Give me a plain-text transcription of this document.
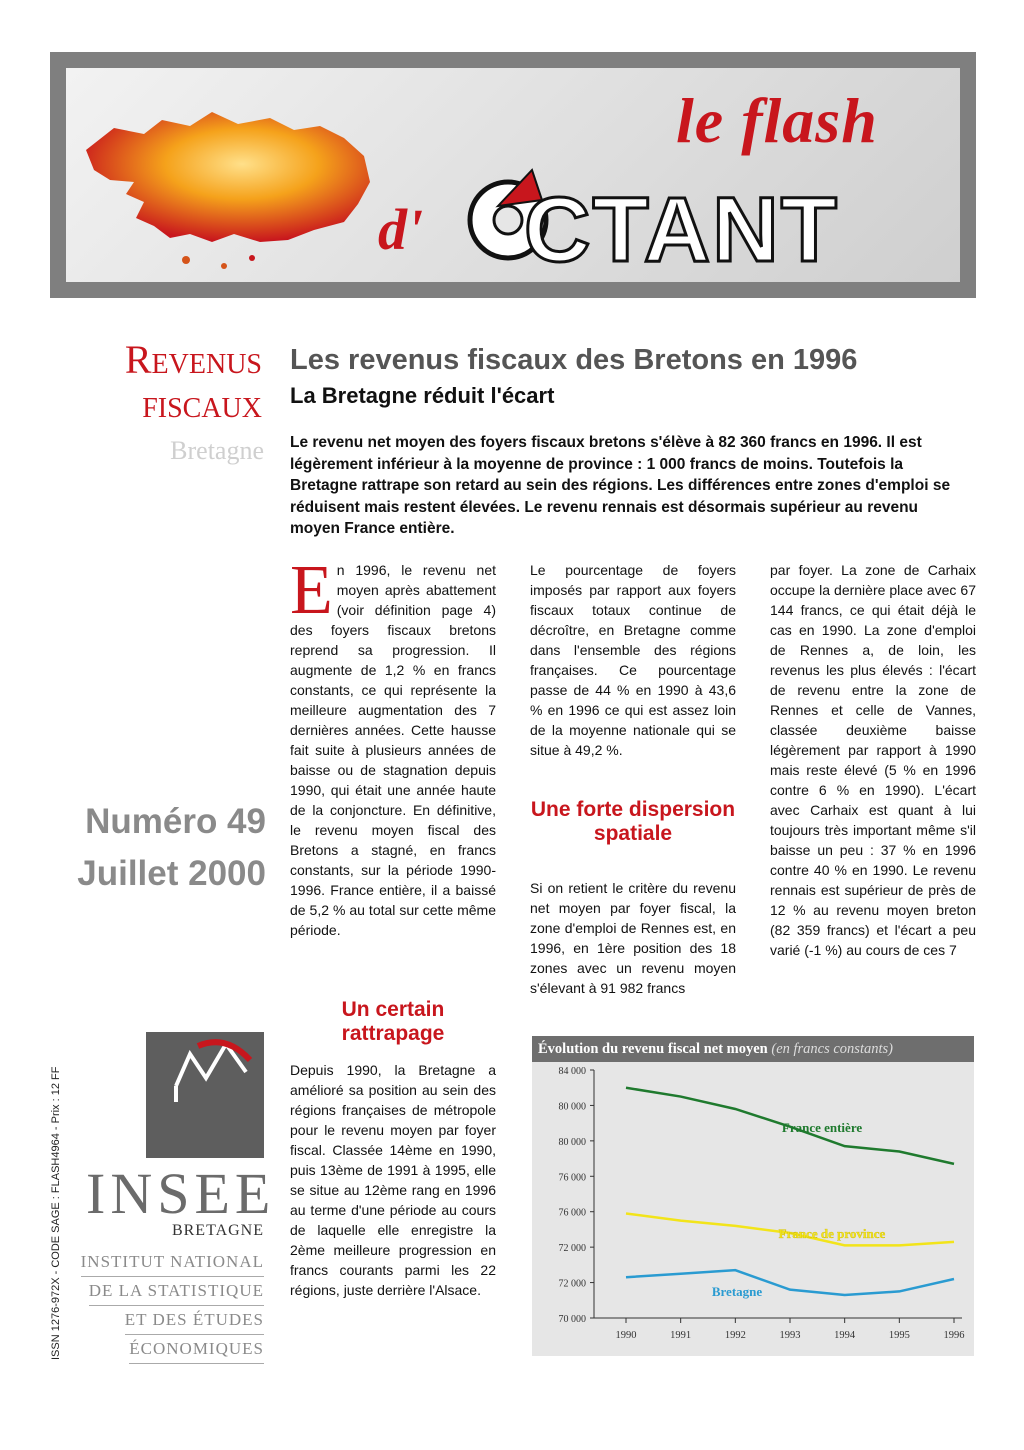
le flash
d' CTANT
Revenus
fiscaux
Bretagne
Numéro 49
Juillet 2000
ISSN 1276-972X - CODE SAGE : FLASH4964 - Prix : 12 FF INSEE
BRETAGNE
INSTITUT NATIONAL
DE LA STATISTIQUE
ET DES ÉTUDES
ÉCONOMIQUES
Les revenus fiscaux des Bretons en 1996
La Bretagne réduit l'écart
Le revenu net moyen des foyers fiscaux bretons s'élève à 82 360 francs en 1996. Il est légèrement inférieur à la moyenne de province : 1 000 francs de moins. Toutefois la Bretagne rattrape son retard au sein des régions. Les différences entre zones d'emploi se réduisent mais restent élevées. Le revenu rennais est désormais supérieur au revenu moyen France entière.
En 1996, le revenu net moyen après abattement (voir définition page 4) des foyers fiscaux bretons reprend sa progression. Il augmente de 1,2 % en francs constants, ce qui représente la meilleure augmentation des 7 dernières années. Cette hausse fait suite à plusieurs années de baisse ou de stagnation depuis 1990, qui était une année haute de la conjoncture. En définitive, le revenu moyen fiscal des Bretons a stagné, en francs constants, sur la période 1990-1996. France entière, il a baissé de 5,2 % au total sur cette même période.
Un certain rattrapage
Depuis 1990, la Bretagne a amélioré sa position au sein des régions françaises de métropole pour le revenu moyen par foyer fiscal. Classée 14ème en 1990, puis 13ème de 1991 à 1995, elle se situe au 12ème rang en 1996 au terme d'une période au cours de laquelle elle enregistre la 2ème meilleure progression en francs courants parmi les 22 régions, juste derrière l'Alsace.
Le pourcentage de foyers imposés par rapport aux foyers fiscaux totaux continue de décroître, en Bretagne comme dans l'ensemble des régions françaises. Ce pourcentage passe de 44 % en 1990 à 43,6 % en 1996 ce qui est assez loin de la moyenne nationale qui se situe à 49,2 %.
Une forte dispersion spatiale
Si on retient le critère du revenu net moyen par foyer fiscal, la zone d'emploi de Rennes est, en 1996, en 1ère position des 18 zones avec un revenu moyen s'élevant à 91 982 francs
par foyer. La zone de Carhaix occupe la dernière place avec 67 144 francs, ce qui était déjà le cas en 1990. La zone d'emploi de Rennes a, de loin, les revenus les plus élevés : l'écart de revenu entre la zone de Rennes et celle de Vannes, classée deuxième baisse légèrement par rapport à 1990 mais reste élevé (5 % en 1996 contre 6 % en 1990). L'écart avec Carhaix est quant à lui toujours très important même s'il baisse un peu : 37 % en 1996 contre 40 % en 1990. Le revenu rennais est supérieur de près de 12 % au revenu moyen breton (82 359 francs) et l'écart a peu varié (-1 %) au cours de ces 7
Évolution du revenu fiscal net moyen (en francs constants)
84 000
80 000
80 000
76 000
76 000
72 000
72 000
70 000
1990	1991	1992	1993	1994	1995	1996
France entière
France de province
Bretagne
